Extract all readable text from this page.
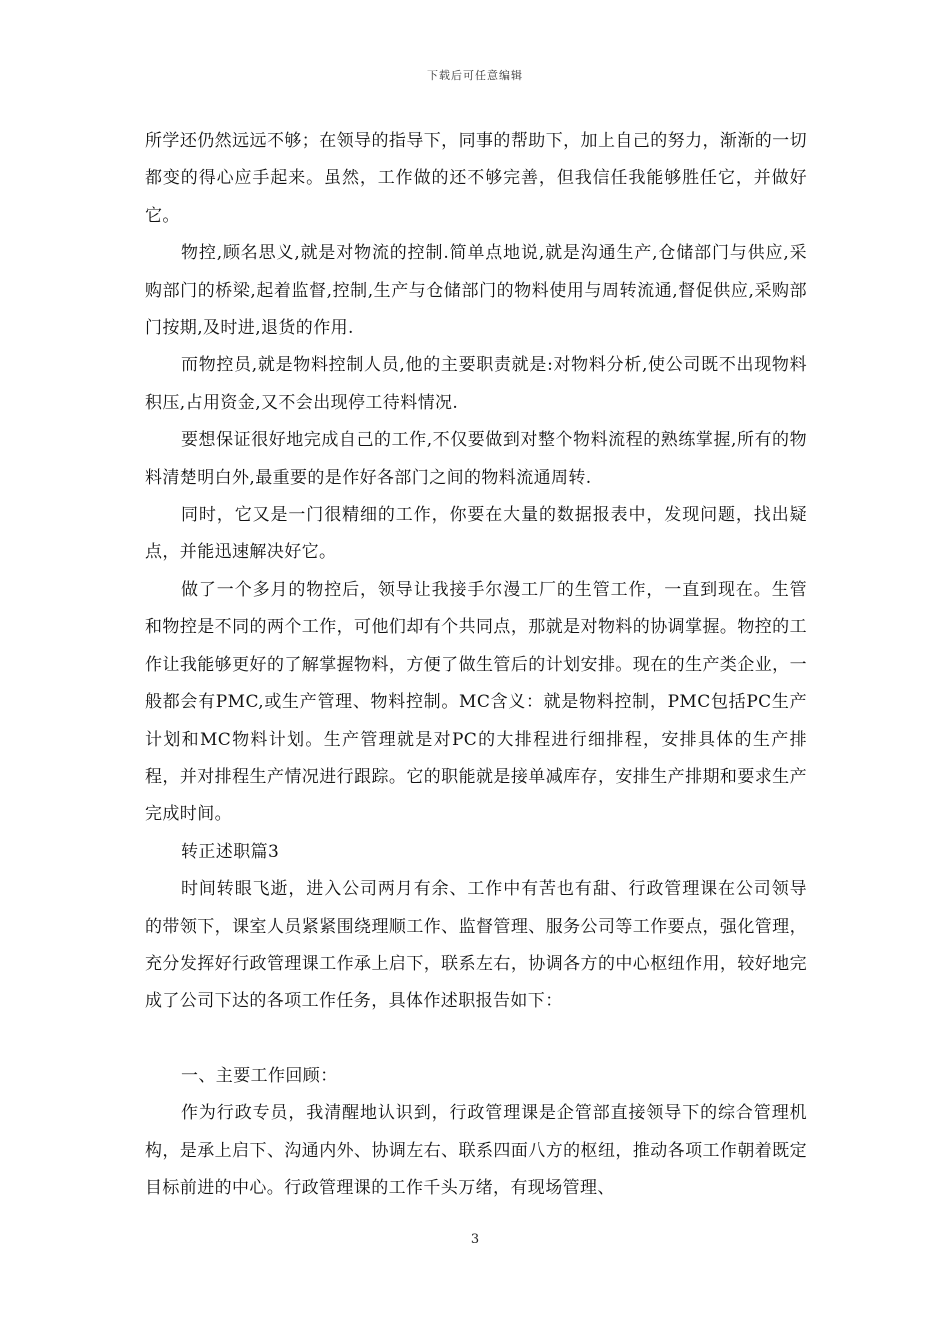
下载后可任意编辑

所学还仍然远远不够；在领导的指导下，同事的帮助下，加上自己的努力，渐渐的一切都变的得心应手起来。虽然，工作做的还不够完善，但我信任我能够胜任它，并做好它。

物控,顾名思义,就是对物流的控制.简单点地说,就是沟通生产,仓储部门与供应,采购部门的桥梁,起着监督,控制,生产与仓储部门的物料使用与周转流通,督促供应,采购部门按期,及时进,退货的作用.

而物控员,就是物料控制人员,他的主要职责就是:对物料分析,使公司既不出现物料积压,占用资金,又不会出现停工待料情况.

要想保证很好地完成自己的工作,不仅要做到对整个物料流程的熟练掌握,所有的物料清楚明白外,最重要的是作好各部门之间的物料流通周转.

同时，它又是一门很精细的工作，你要在大量的数据报表中，发现问题，找出疑点，并能迅速解决好它。

做了一个多月的物控后，领导让我接手尔漫工厂的生管工作，一直到现在。生管和物控是不同的两个工作，可他们却有个共同点，那就是对物料的协调掌握。物控的工作让我能够更好的了解掌握物料，方便了做生管后的计划安排。现在的生产类企业，一般都会有PMC,或生产管理、物料控制。MC含义：就是物料控制，PMC包括PC生产计划和MC物料计划。生产管理就是对PC的大排程进行细排程，安排具体的生产排程，并对排程生产情况进行跟踪。它的职能就是接单减库存，安排生产排期和要求生产完成时间。

转正述职篇3

时间转眼飞逝，进入公司两月有余、工作中有苦也有甜、行政管理课在公司领导的带领下，课室人员紧紧围绕理顺工作、监督管理、服务公司等工作要点，强化管理，充分发挥好行政管理课工作承上启下，联系左右，协调各方的中心枢纽作用，较好地完成了公司下达的各项工作任务，具体作述职报告如下：

一、主要工作回顾：

作为行政专员，我清醒地认识到，行政管理课是企管部直接领导下的综合管理机构，是承上启下、沟通内外、协调左右、联系四面八方的枢纽，推动各项工作朝着既定目标前进的中心。行政管理课的工作千头万绪，有现场管理、

3
